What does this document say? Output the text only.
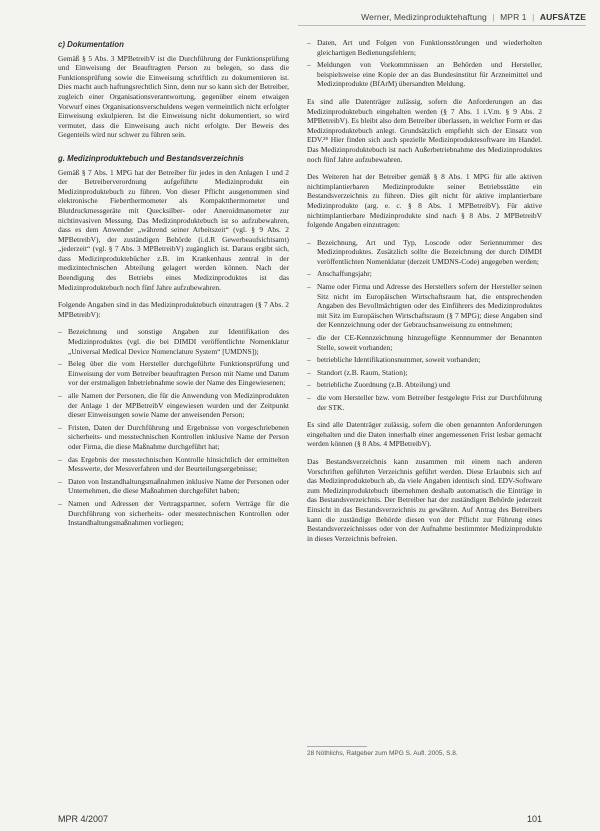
Werner, Medizinproduktehaftung | MPR 1 | AUFSÄTZE
c) Dokumentation

Gemäß § 5 Abs. 3 MPBetreibV ist die Durchführung der Funktionsprüfung und Einweisung der Beauftragten Person zu belegen, so dass die Funktionsprüfung sowie die Einweisung schriftlich zu dokumentieren ist. Dies macht auch haftungsrechtlich Sinn, denn nur so kann sich der Betreiber, zugleich einer Organisationsverantwortung, gegenüber einem etwaigen Vorwurf eines Organisationsverschuldens wegen vermeintlich nicht erfolgter Einweisung exkulpieren. Ist die Einweisung nicht dokumentiert, so wird vermutet, dass die Einweisung auch nicht erfolgte. Der Beweis des Gegenteils wird nur schwer zu führen sein.

g. Medizinproduktebuch und Bestandsverzeichnis

Gemäß § 7 Abs. 1 MPG hat der Betreiber für jedes in den Anlagen 1 und 2 der Betreiberverordnung aufgeführte Medizinprodukt ein Medizinproduktebuch zu führen. Von dieser Pflicht ausgenommen sind elektronische Fieberthermometer als Kompaktthermometer und Blutdruckmessgeräte mit Quecksilber- oder Aneroidmanometer zur nichtinvasiven Messung. Das Medizinproduktebuch ist so aufzubewahren, dass es dem Anwender „während seiner Arbeitszeit“ (vgl. § 9 Abs. 2 MPBetreibV), der zuständigen Behörde (i.d.R Gewerbeaufsichtsamt) „jederzeit“ (vgl. § 7 Abs. 3 MPBetreibV) zugänglich ist. Daraus ergibt sich, dass Medizinproduktebücher z.B. im Krankenhaus zentral in der medizintechnischen Abteilung gelagert werden können. Nach der Beendigung des Betriebs eines Medizinproduktes ist das Medizinproduktebuch noch fünf Jahre aufzubewahren.

Folgende Angaben sind in das Medizinproduktebuch einzutragen (§ 7 Abs. 2 MPBetreibV):

– Bezeichnung und sonstige Angaben zur Identifikation des Medizinproduktes (vgl. die bei DIMDI veröffentlichte Nomenklatur „Universal Medical Device Nomenclature System“ [UMDNS]);
– Beleg über die vom Hersteller durchgeführte Funktionsprüfung und Einweisung der vom Betreiber beauftragten Person mit Name und Datum vor der erstmaligen Inbetriebnahme sowie der Name des Eingewiesenen;
– alle Namen der Personen, die für die Anwendung von Medizinprodukten der Anlage 1 der MPBetreibV eingewiesen wurden und der Zeitpunkt dieser Einweisungen sowie Name der anweisenden Person;
– Fristen, Daten der Durchführung und Ergebnisse von vorgeschriebenen sicherheits- und messtechnischen Kontrollen inklusive Name der Person oder Firma, die diese Maßnahme durchgeführt hat;
– das Ergebnis der messtechnischen Kontrolle hinsichtlich der ermittelten Messwerte, der Messverfahren und der Beurteilungsergebnisse;
– Daten von Instandhaltungsmaßnahmen inklusive Name der Personen oder Unternehmen, die diese Maßnahmen durchgeführt haben;
– Namen und Adressen der Vertragspartner, sofern Verträge für die Durchführung von sicherheits- oder messtechnischen Kontrollen oder Instandhaltungsmaßnahmen vorliegen;
– Daten, Art und Folgen von Funktionsstörungen und wiederholten gleichartigen Bedienungsfehlern;
– Meldungen von Vorkommnissen an Behörden und Hersteller, beispielsweise eine Kopie der an das Bundesinstitut für Arzneimittel und Medizinprodukte (BfArM) übersandten Meldung.

Es sind alle Datenträger zulässig, sofern die Anforderungen an das Medizinproduktebuch eingehalten werden (§ 7 Abs. 1 i.V.m. § 9 Abs. 2 MPBetreibV). Es bleibt also dem Betreiber überlassen, in welcher Form er das Medizinproduktebuch anlegt. Grundsätzlich empfiehlt sich der Einsatz von EDV.²⁸ Hier finden sich auch spezielle Medizinproduktesoftware im Handel. Das Medizinproduktebuch ist nach Außerbetriebnahme des Medizinproduktes noch fünf Jahre aufzubewahren.

Des Weiteren hat der Betreiber gemäß § 8 Abs. 1 MPG für alle aktiven nichtimplantierbaren Medizinprodukte seiner Betriebsstätte ein Bestandsverzeichnis zu führen. Dies gilt nicht für aktive implantierbare Medizinprodukte (arg. e. c. § 8 Abs. 1 MPBetreibV). Für aktive nichtimplantierbare Medizinprodukte sind nach § 8 Abs. 2 MPBetreibV folgende Angaben einzutragen:

– Bezeichnung, Art und Typ, Loscode oder Seriennummer des Medizinproduktes. Zusätzlich sollte die Bezeichnung der durch DIMDI veröffentlichten Nomenklatur (derzeit UMDNS-Code) angegeben werden;
– Anschaffungsjahr;
– Name oder Firma und Adresse des Herstellers sofern der Hersteller seinen Sitz nicht im Europäischen Wirtschaftsraum hat, die entsprechenden Angaben des Bevollmächtigten oder des Einführers des Medizinproduktes mit Sitz im Europäischen Wirtschaftsraum (§ 7 MPG); diese Angaben sind der Kennzeichnung oder der Gebrauchsanweisung zu entnehmen;
– die der CE-Kennzeichnung hinzugefügte Kennnummer der Benannten Stelle, soweit vorhanden;
– betriebliche Identifikationsnummer, soweit vorhanden;
– Standort (z.B. Raum, Station);
– betriebliche Zuordnung (z.B. Abteilung) und
– die vom Hersteller bzw. vom Betreiber festgelegte Frist zur Durchführung der STK.

Es sind alle Datenträger zulässig, sofern die oben genannten Anforderungen eingehalten und die Daten innerhalb einer angemessenen Frist lesbar gemacht werden können (§ 8 Abs. 4 MPBetreibV).

Das Bestandsverzeichnis kann zusammen mit einem nach anderen Vorschriften geführten Verzeichnis geführt werden. Diese Erlaubnis sich auf das Medizinproduktebuch ab, da viele Angaben identisch sind. EDV-Software zum Medizinproduktebuch übernehmen deshalb automatisch die Einträge in das Bestandsverzeichnis. Der Betreiber hat der zuständigen Behörde jederzeit Einsicht in das Bestandsverzeichnis zu gewähren. Auf Antrag des Betreibers kann die zuständige Behörde diesen von der Pflicht zur Führung eines Bestandsverzeichnisses oder von der Aufnahme bestimmter Medizinprodukte in dieses Verzeichnis befreien.

28 Nöthlichs, Ratgeber zum MPG S. Aufl. 2005, S.8.
MPR 4/2007	101
